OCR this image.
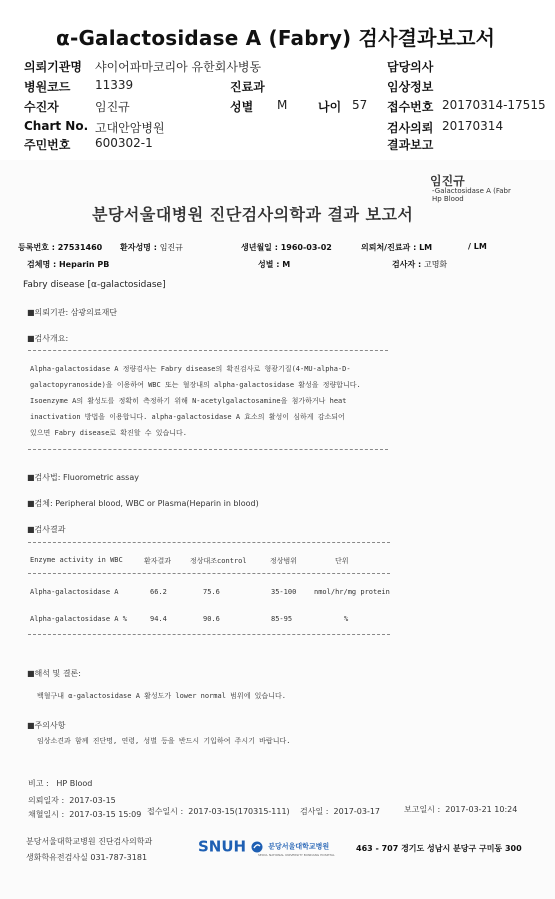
α-Galactosidase A (Fabry) 검사결과보고서
의뢰기관명 샤이어파마코리아 유한회사병동
병원코드 11339
수진자	임진규
Chart No. 고대안암병원
주민번호 600302-1
진료과
성별 M	나이 57
담당의사
임상정보
접수번호 20170314-17515
검사의뢰 20170314
결과보고
임진규
-Galactosidase A (Fabr
Hp Blood
분당서울대병원 진단검사의학과 결과 보고서
등록번호 : 27531460 환자성명 : 임진규	생년월일 : 1960-03-02	의뢰처/진료과 : LM	/ LM
검체명 : Heparin PB	성별 : M	검사자 : 고명화
Fabry disease [α-galactosidase]
■의뢰기관: 삼광의료재단
■검사개요:
Alpha-galactosidase A 정량검사는 Fabry disease의 확진검사로 형광기질(4-MU-alpha-D-
galactopyranoside)을 이용하여 WBC 또는 혈장내의 alpha-galactosidase 활성을 정량합니다.
Isoenzyme A의 활성도를 정확히 측정하기 위해 N-acetylgalactosamine을 첨가하거나 heat
inactivation 방법을 이용합니다. alpha-galactosidase A 효소의 활성이 심하게 감소되어
있으면 Fabry disease로 확진할 수 있습니다.
■검사법: Fluorometric assay
■검체: Peripheral blood, WBC or Plasma(Heparin in blood)
■검사결과
Enzyme activity in WBC	환자결과	정상대조control	정상범위	단위
Alpha-galactosidase A	66.2	75.6	35-100	nmol/hr/mg protein
Alpha-galactosidase A %	94.4	90.6	85-95	%
■해석 및 결론:
백혈구내 α-galactosidase A 활성도가 lower normal 범위에 있습니다.
■주의사항
임상소견과 함께 진단명, 연령, 성별 등을 반드시 기입하여 주시기 바랍니다.
비고 : HP Blood
의뢰일자 : 2017-03-15
채혈일시 : 2017-03-15 15:09 접수일시 : 2017-03-15(170315-111) 검사일 : 2017-03-17	보고일시 : 2017-03-21 10:24
분당서울대학교병원 진단검사의학과
생화학유전검사실 031-787-3181
SNUH	분당서울대학교병원
SEOUL NATIONAL UNIVERSITY BUNDANG HOSPITAL
463 - 707 경기도 성남시 분당구 구미동 300
